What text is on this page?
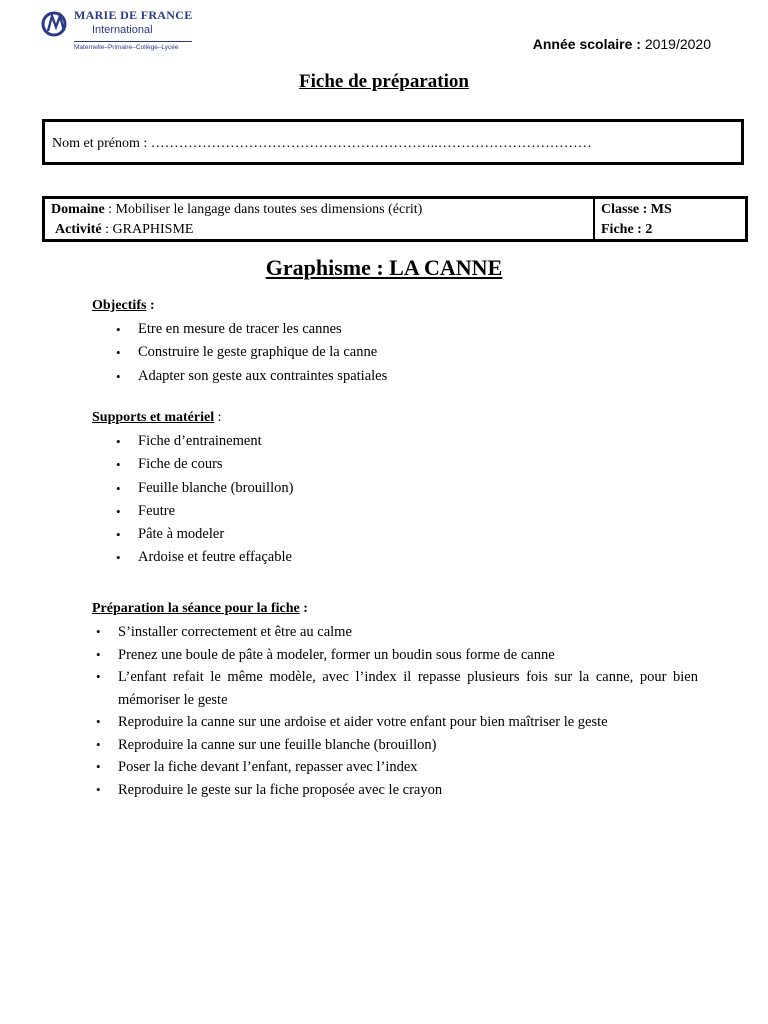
MARIE DE FRANCE
International
Maternelle–Primaire–Collège–Lycée	Année scolaire : 2019/2020
Fiche de préparation
Nom et prénom : ……………………………………………………..……………………………
Domaine : Mobiliser le langage dans toutes ses dimensions (écrit)
Activité : GRAPHISME
Classe : MS
Fiche : 2
Graphisme : LA CANNE
Objectifs :
• Etre en mesure de tracer les cannes
• Construire le geste graphique de la canne
• Adapter son geste aux contraintes spatiales
Supports et matériel :
• Fiche d’entrainement
• Fiche de cours
• Feuille blanche (brouillon)
• Feutre
• Pâte à modeler
• Ardoise et feutre effaçable
Préparation la séance pour la fiche :
• S’installer correctement et être au calme
• Prenez une boule de pâte à modeler, former un boudin sous forme de canne
• L’enfant refait le même modèle, avec l’index il repasse plusieurs fois sur la canne, pour bien mémoriser le geste
• Reproduire la canne sur une ardoise et aider votre enfant pour bien maîtriser le geste
• Reproduire la canne sur une feuille blanche (brouillon)
• Poser la fiche devant l’enfant, repasser avec l’index
• Reproduire le geste sur la fiche proposée avec le crayon
